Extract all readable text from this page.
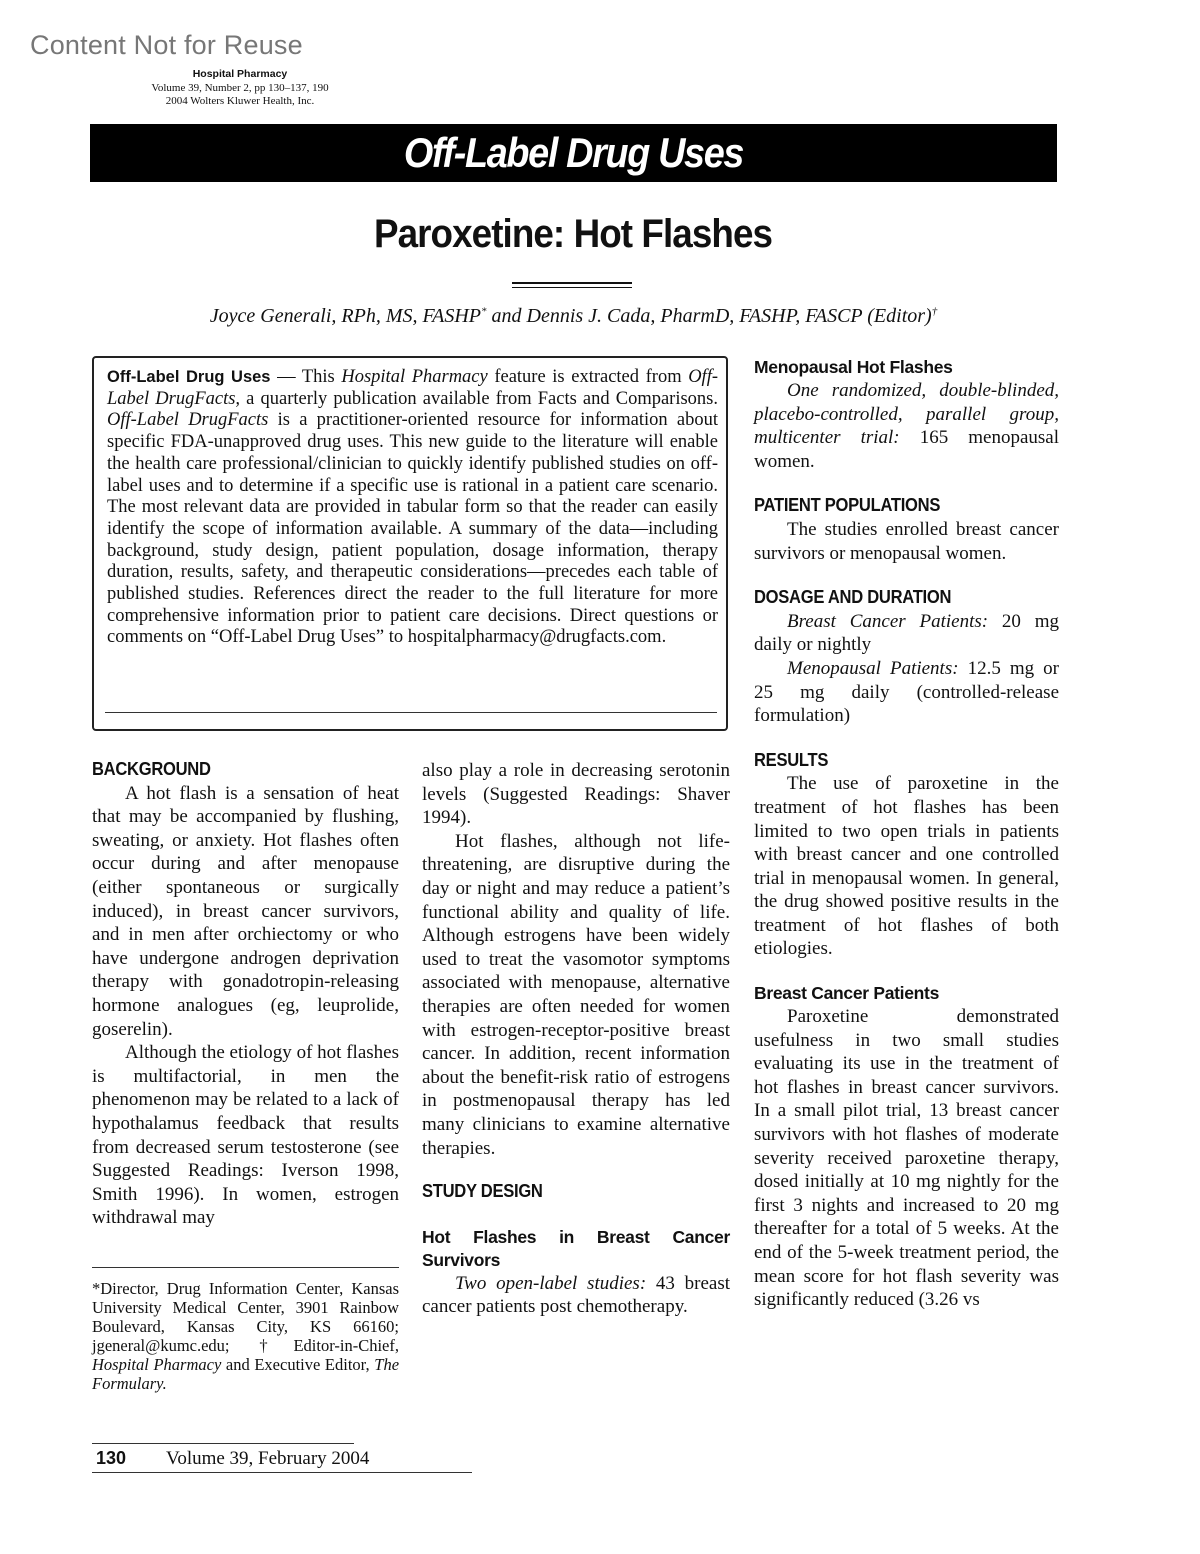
Content Not for Reuse
Hospital Pharmacy
Volume 39, Number 2, pp 130–137, 190
2004 Wolters Kluwer Health, Inc.
Off-Label Drug Uses
Paroxetine: Hot Flashes
Joyce Generali, RPh, MS, FASHP* and Dennis J. Cada, PharmD, FASHP, FASCP (Editor)†
Off-Label Drug Uses — This Hospital Pharmacy feature is extracted from Off-Label DrugFacts, a quarterly publication available from Facts and Comparisons. Off-Label DrugFacts is a practitioner-oriented resource for information about specific FDA-unapproved drug uses. This new guide to the literature will enable the health care professional/clinician to quickly identify published studies on off-label uses and to determine if a specific use is rational in a patient care scenario. The most relevant data are provided in tabular form so that the reader can easily identify the scope of information available. A summary of the data—including background, study design, patient population, dosage information, therapy duration, results, safety, and therapeutic considerations—precedes each table of published studies. References direct the reader to the full literature for more comprehensive information prior to patient care decisions. Direct questions or comments on “Off-Label Drug Uses” to hospitalpharmacy@drugfacts.com.
BACKGROUND

A hot flash is a sensation of heat that may be accompanied by flushing, sweating, or anxiety. Hot flashes often occur during and after menopause (either spontaneous or surgically induced), in breast cancer survivors, and in men after orchiectomy or who have undergone androgen deprivation therapy with gonadotropin-releasing hormone analogues (eg, leuprolide, goserelin).

Although the etiology of hot flashes is multifactorial, in men the phenomenon may be related to a lack of hypothalamus feedback that results from decreased serum testosterone (see Suggested Readings: Iverson 1998, Smith 1996). In women, estrogen withdrawal may

*Director, Drug Information Center, Kansas University Medical Center, 3901 Rainbow Boulevard, Kansas City, KS 66160; jgeneral@kumc.edu; †Editor-in-Chief, Hospital Pharmacy and Executive Editor, The Formulary.

also play a role in decreasing serotonin levels (Suggested Readings: Shaver 1994).

Hot flashes, although not life-threatening, are disruptive during the day or night and may reduce a patient’s functional ability and quality of life. Although estrogens have been widely used to treat the vasomotor symptoms associated with menopause, alternative therapies are often needed for women with estrogen-receptor-positive breast cancer. In addition, recent information about the benefit-risk ratio of estrogens in postmenopausal therapy has led many clinicians to examine alternative therapies.

STUDY DESIGN
Hot Flashes in Breast Cancer Survivors

Two open-label studies: 43 breast cancer patients post chemotherapy.

Menopausal Hot Flashes

One randomized, double-blinded, placebo-controlled, parallel group, multicenter trial: 165 menopausal women.

PATIENT POPULATIONS

The studies enrolled breast cancer survivors or menopausal women.

DOSAGE AND DURATION

Breast Cancer Patients: 20 mg daily or nightly

Menopausal Patients: 12.5 mg or 25 mg daily (controlled-release formulation)

RESULTS

The use of paroxetine in the treatment of hot flashes has been limited to two open trials in patients with breast cancer and one controlled trial in menopausal women. In general, the drug showed positive results in the treatment of hot flashes of both etiologies.

Breast Cancer Patients

Paroxetine demonstrated usefulness in two small studies evaluating its use in the treatment of hot flashes in breast cancer survivors. In a small pilot trial, 13 breast cancer survivors with hot flashes of moderate severity received paroxetine therapy, dosed initially at 10 mg nightly for the first 3 nights and increased to 20 mg thereafter for a total of 5 weeks. At the end of the 5-week treatment period, the mean score for hot flash severity was significantly reduced (3.26 vs

130 Volume 39, February 2004
